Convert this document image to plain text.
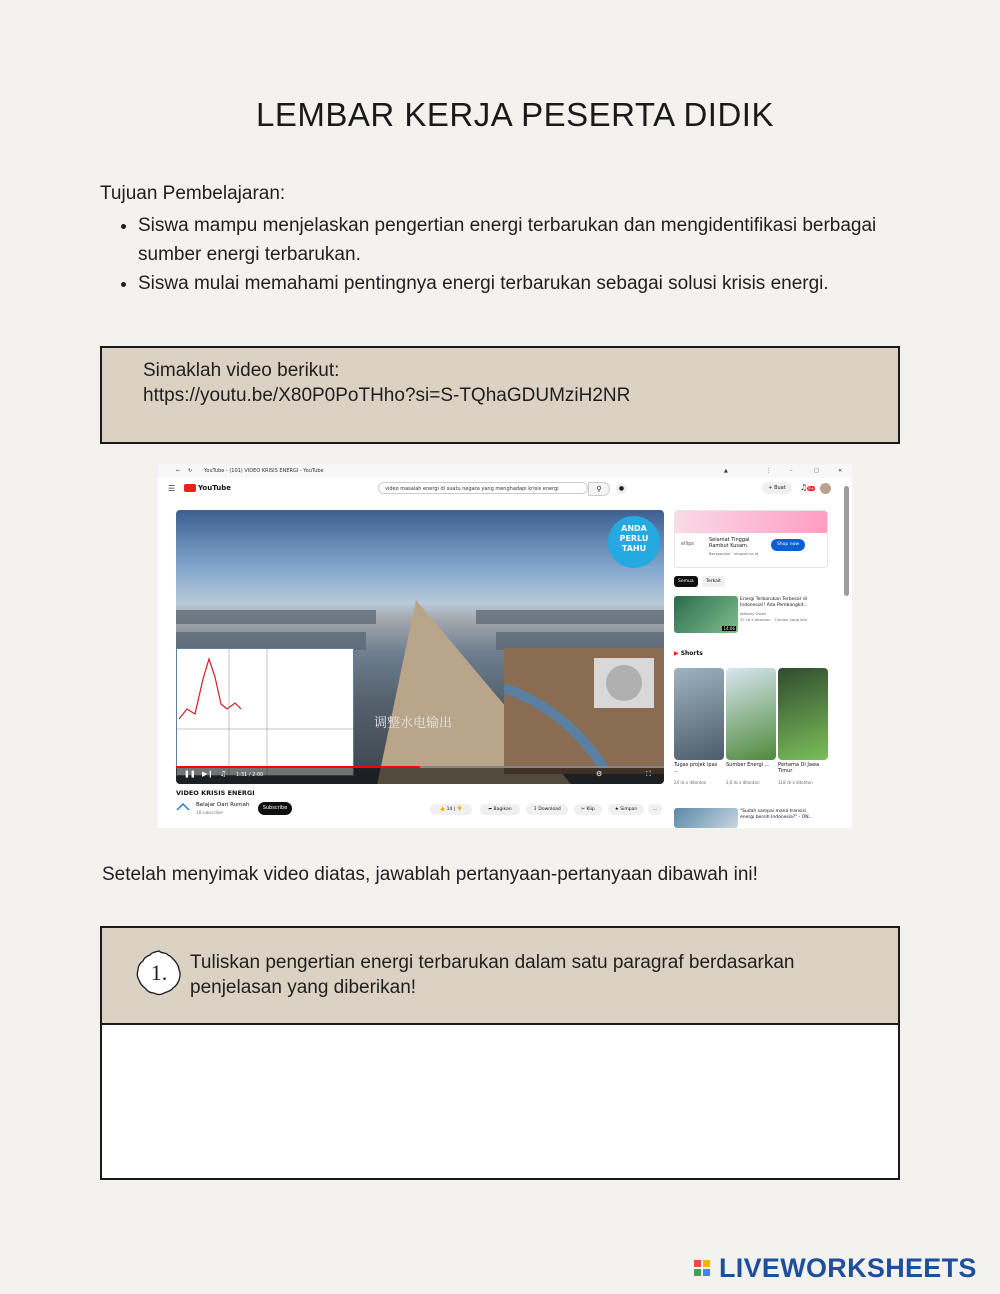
LEMBAR KERJA PESERTA DIDIK
Tujuan Pembelajaran:
• Siswa mampu menjelaskan pengertian energi terbarukan dan mengidentifikasi berbagai sumber energi terbarukan.
• Siswa mulai memahami pentingnya energi terbarukan sebagai solusi krisis energi.
Simaklah video berikut:
https://youtu.be/X80P0PoTHho?si=S-TQhaGDUMziH2NR
← ↻ YouTube - (101) VIDEO KRISIS ENERGI - YouTube	▲	⋮	–	□	✕
☰	YouTube	video masalah energi di suatu negara yang menghadapi krisis energi	⚲	●	+ Buat	♫9+
ANDA PERLU TAHU
调整水电输出
❚❚ ▶❙ ♫ 1:31 / 2:00	⚙	⛶
VIDEO KRISIS ENERGI
Belajar Dari Rumah
18 subscriber
Subscribe	👍 14 | 👎	➦ Bagikan	↧ Download	✂ Klip	★ Simpan	...
ellips
Selamat Tinggal Rambut Kusam.
Bersponsor · shopee.co.id
Shop now
Semua	Terkait
14:06
Energi Terbarukan Terbesar di Indonesia!! Ada Pembangkit...
Jatheny Gwen
37 rb x ditonton · 3 bulan yang lalu
▶ Shorts
Tugas projek ipas ...
Sumber Energi ... Pertama Di Jawa Timur
24 rb x ditonton	2,6 rb x ditonton	118 rb x ditonton
"Sudah sampai mana transisi energi bersih Indonesia?" - ON...
Setelah menyimak video diatas, jawablah pertanyaan-pertanyaan dibawah ini!
1.	Tuliskan pengertian energi terbarukan dalam satu paragraf berdasarkan penjelasan yang diberikan!
LIVEWORKSHEETS
